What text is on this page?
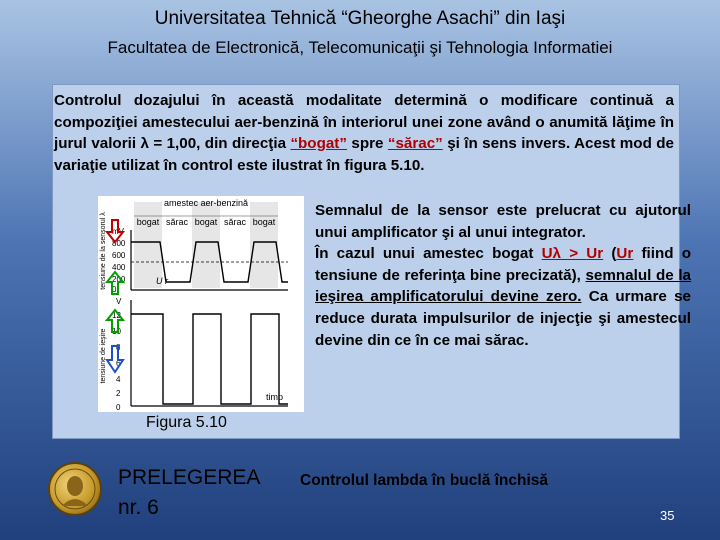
Universitatea Tehnică “Gheorghe Asachi” din Iaşi
Facultatea de Electronică, Telecomunicaţii şi Tehnologia Informatiei
Controlul dozajului în această modalitate determină o modificare continuă a compoziţiei amestecului aer-benzină în interiorul unei zone având o anumită lăţime în jurul valorii λ = 1,00, din direcţia “bogat” spre “sărac” şi în sens invers. Acest mod de variaţie utilizat în control este ilustrat în figura 5.10.
Semnalul de la sensor este prelucrat cu ajutorul unui amplificator şi al unui integrator.
În cazul unui amestec bogat Uλ > Ur (Ur fiind o tensiune de referinţa bine precizată), semnalul de la ieşirea amplificatorului devine zero. Ca urmare se reduce durata impulsurilor de injecţie şi amestecul devine din ce în ce mai sărac.
amestec aer-benzină
bogat sărac bogat sărac bogat
tensiune de la sensorul λ mV
800
600
400
200
0
U r
tensiune de ieşire
V
12
10
8
6
4
2
0
timp
Figura 5.10
PRELEGEREA
nr. 6
Controlul lambda în buclă închisă
35
